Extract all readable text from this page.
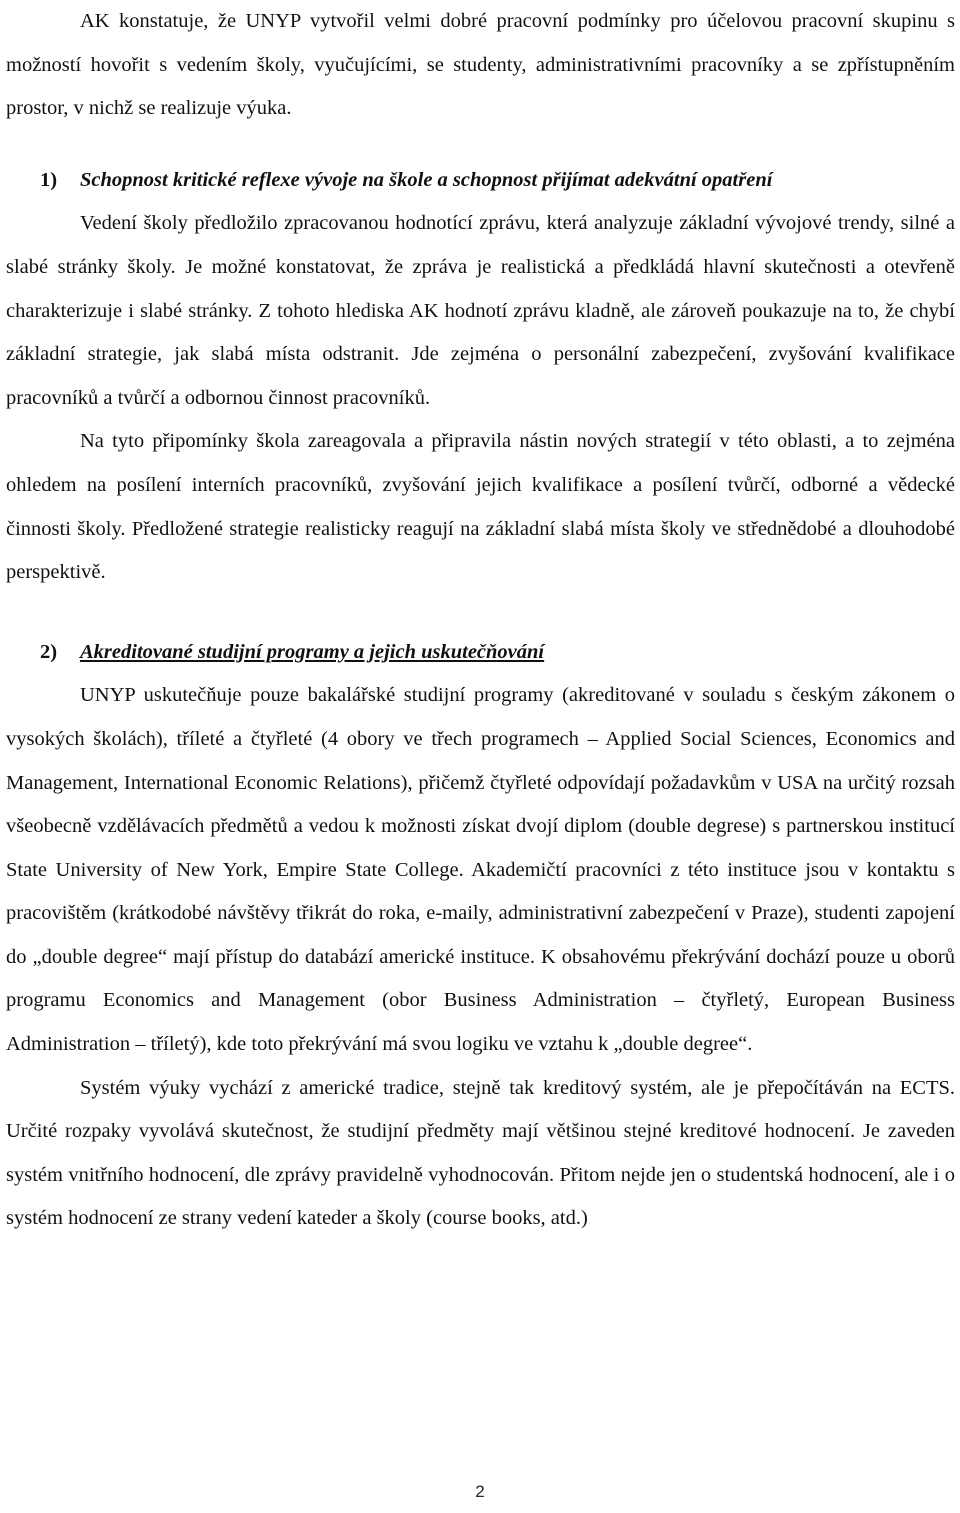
AK konstatuje, že UNYP vytvořil velmi dobré pracovní podmínky pro účelovou pracovní skupinu s možností hovořit s vedením školy, vyučujícími, se studenty, administrativními pracovníky a se zpřístupněním prostor, v nichž se realizuje výuka.

1) Schopnost kritické reflexe vývoje na škole a schopnost přijímat adekvátní opatření

Vedení školy předložilo zpracovanou hodnotící zprávu, která analyzuje základní vývojové trendy, silné a slabé stránky školy. Je možné konstatovat, že zpráva je realistická a předkládá hlavní skutečnosti a otevřeně charakterizuje i slabé stránky. Z tohoto hlediska AK hodnotí zprávu kladně, ale zároveň poukazuje na to, že chybí základní strategie, jak slabá místa odstranit. Jde zejména o personální zabezpečení, zvyšování kvalifikace pracovníků a tvůrčí a odbornou činnost pracovníků.

Na tyto připomínky škola zareagovala a připravila nástin nových strategií v této oblasti, a to zejména ohledem na posílení interních pracovníků, zvyšování jejich kvalifikace a posílení tvůrčí, odborné a vědecké činnosti školy. Předložené strategie realisticky reagují na základní slabá místa školy ve střednědobé a dlouhodobé perspektivě.

2) Akreditované studijní programy a jejich uskutečňování

UNYP uskutečňuje pouze bakalářské studijní programy (akreditované v souladu s českým zákonem o vysokých školách), tříleté a čtyřleté (4 obory ve třech programech – Applied Social Sciences, Economics and Management, International Economic Relations), přičemž čtyřleté odpovídají požadavkům v USA na určitý rozsah všeobecně vzdělávacích předmětů a vedou k možnosti získat dvojí diplom (double degrese) s partnerskou institucí State University of New York, Empire State College. Akademičtí pracovníci z této instituce jsou v kontaktu s pracovištěm (krátkodobé návštěvy třikrát do roka, e-maily, administrativní zabezpečení v Praze), studenti zapojení do „double degree“ mají přístup do databází americké instituce. K obsahovému překrývání dochází pouze u oborů programu Economics and Management (obor Business Administration – čtyřletý, European Business Administration – tříletý), kde toto překrývání má svou logiku ve vztahu k „double degree“.

Systém výuky vychází z americké tradice, stejně tak kreditový systém, ale je přepočítáván na ECTS. Určité rozpaky vyvolává skutečnost, že studijní předměty mají většinou stejné kreditové hodnocení. Je zaveden systém vnitřního hodnocení, dle zprávy pravidelně vyhodnocován. Přitom nejde jen o studentská hodnocení, ale i o systém hodnocení ze strany vedení kateder a školy (course books, atd.)

2
